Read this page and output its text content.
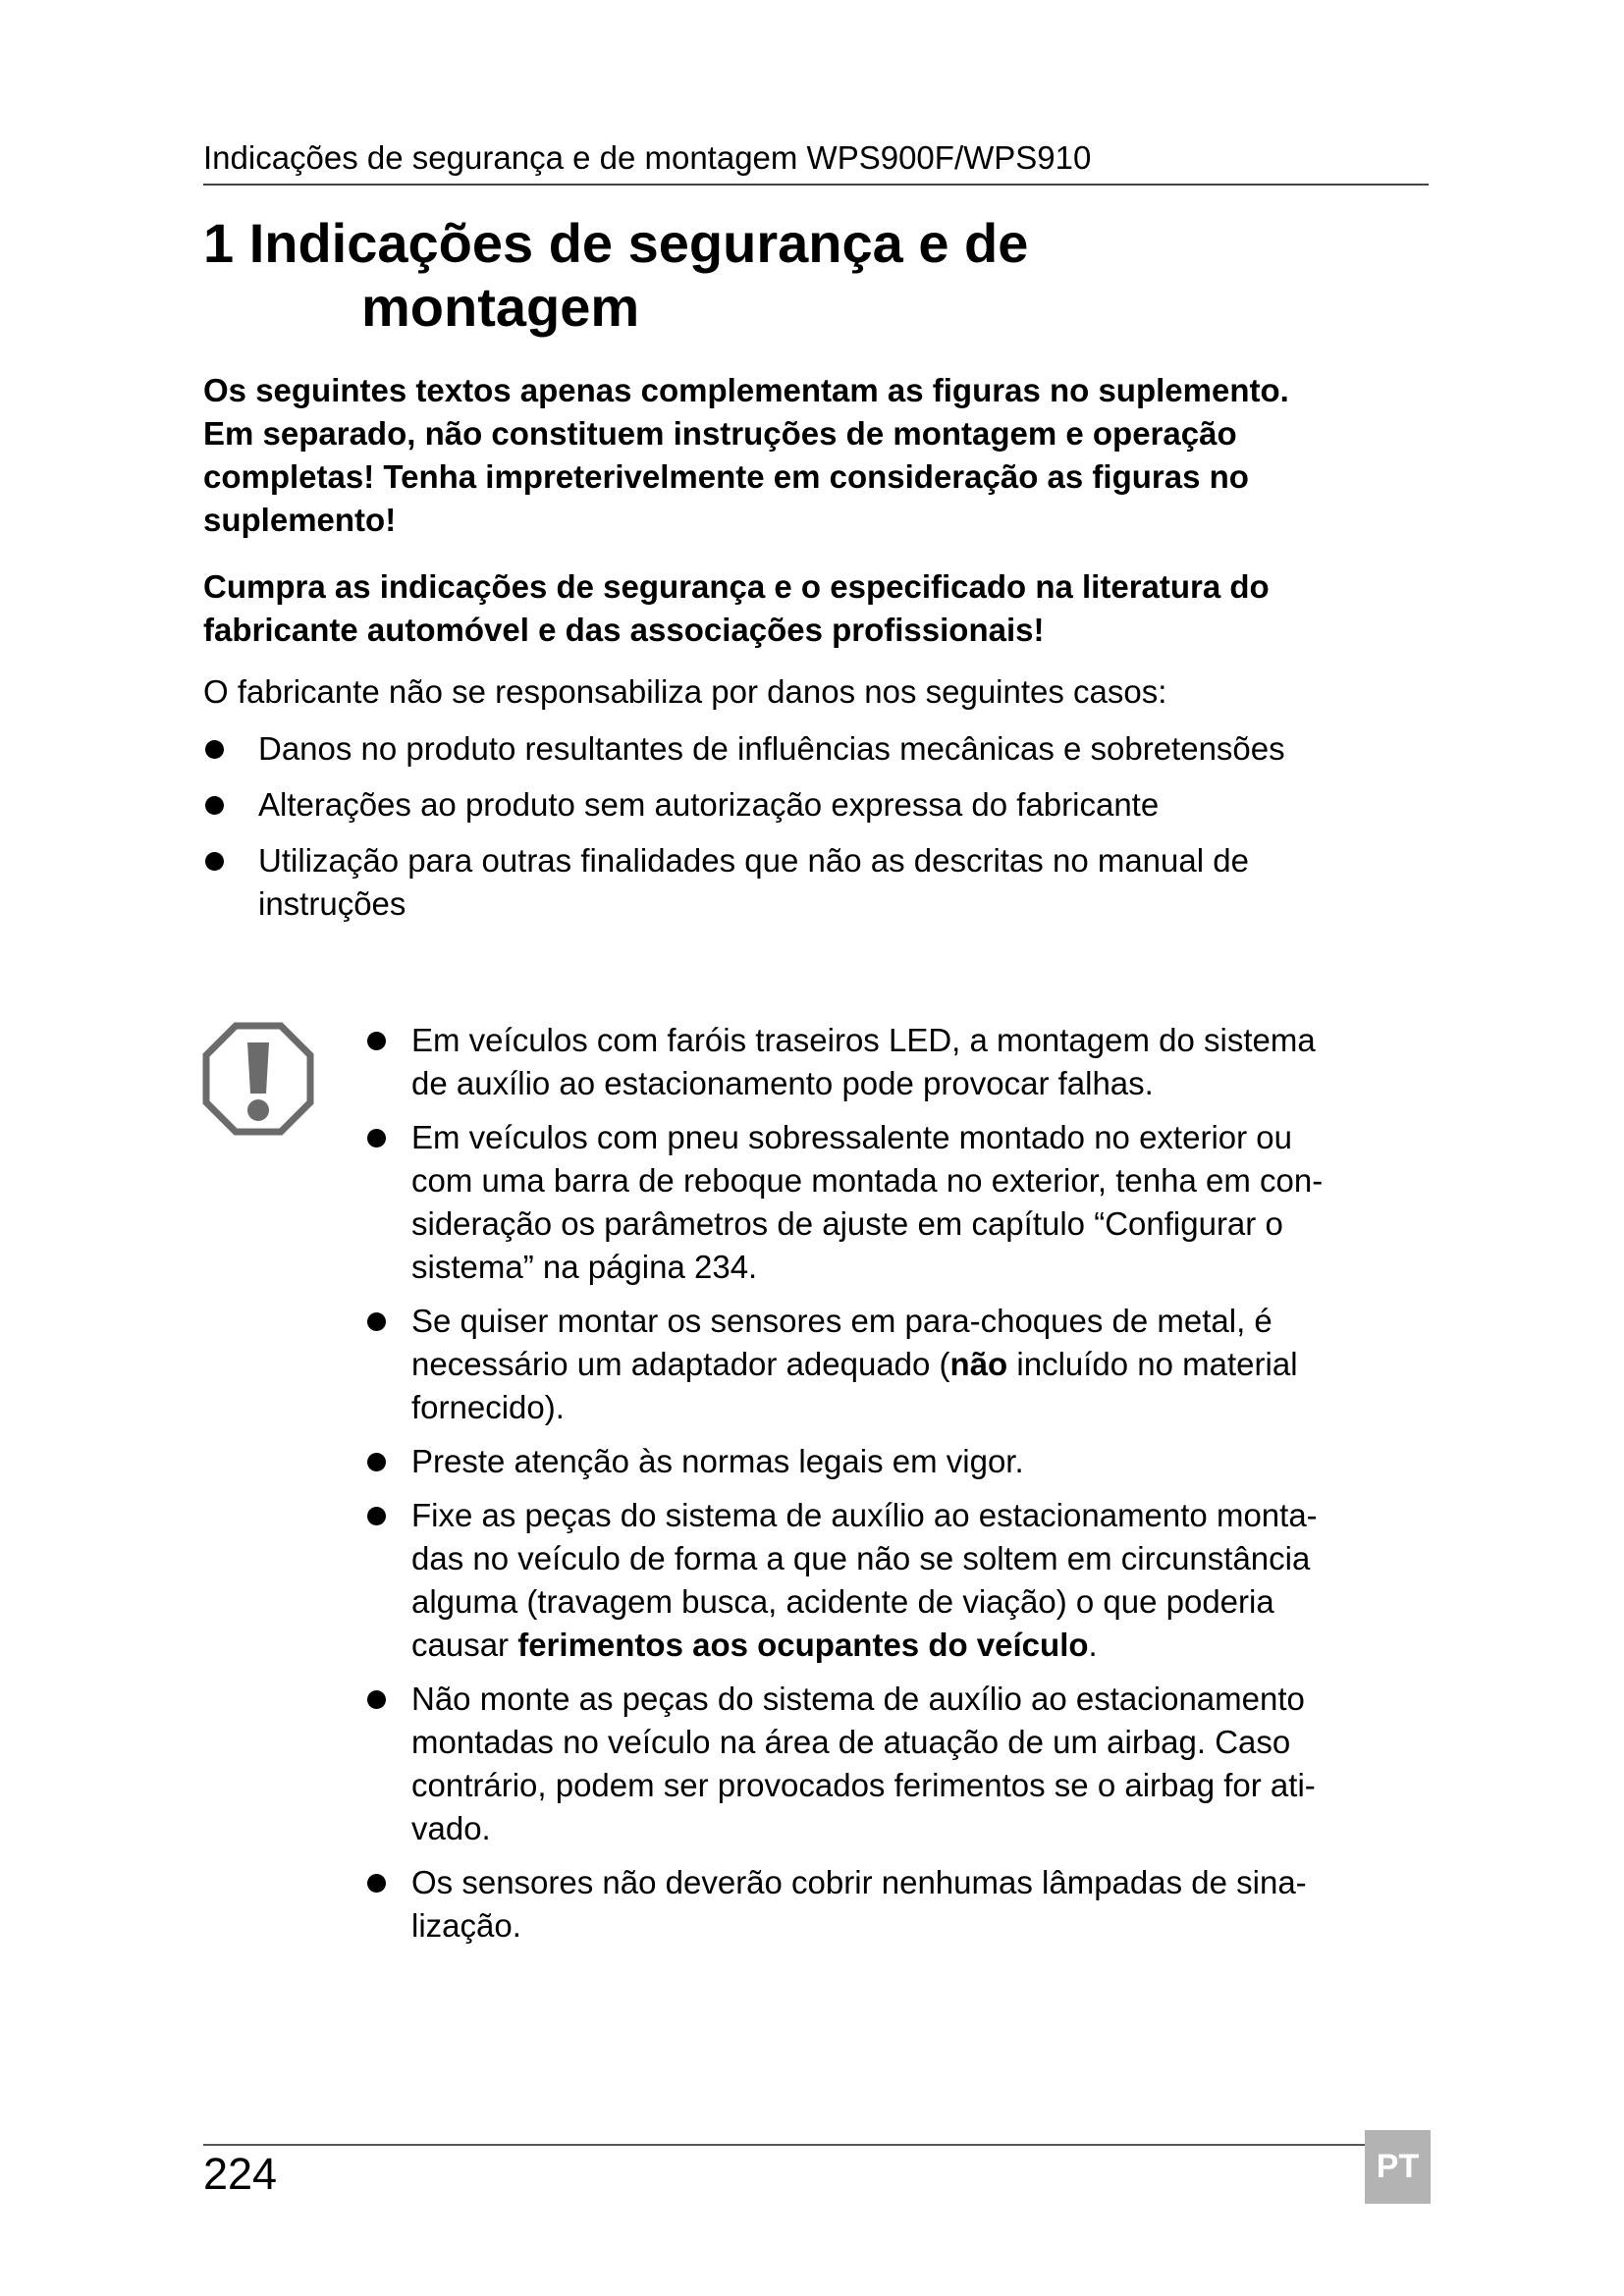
Indicações de segurança e de montagem WPS900F/WPS910
1 Indicações de segurança e de
montagem
Os seguintes textos apenas complementam as figuras no suplemento.
Em separado, não constituem instruções de montagem e operação
completas! Tenha impreterivelmente em consideração as figuras no
suplemento!
Cumpra as indicações de segurança e o especificado na literatura do
fabricante automóvel e das associações profissionais!
O fabricante não se responsabiliza por danos nos seguintes casos:
Danos no produto resultantes de influências mecânicas e sobretensões
Alterações ao produto sem autorização expressa do fabricante
Utilização para outras finalidades que não as descritas no manual de
instruções
Em veículos com faróis traseiros LED, a montagem do sistema
de auxílio ao estacionamento pode provocar falhas.
Em veículos com pneu sobressalente montado no exterior ou
com uma barra de reboque montada no exterior, tenha em con-
sideração os parâmetros de ajuste em capítulo “Configurar o
sistema” na página 234.
Se quiser montar os sensores em para-choques de metal, é
necessário um adaptador adequado (não incluído no material
fornecido).
Preste atenção às normas legais em vigor.
Fixe as peças do sistema de auxílio ao estacionamento monta-
das no veículo de forma a que não se soltem em circunstância
alguma (travagem busca, acidente de viação) o que poderia
causar ferimentos aos ocupantes do veículo.
Não monte as peças do sistema de auxílio ao estacionamento
montadas no veículo na área de atuação de um airbag. Caso
contrário, podem ser provocados ferimentos se o airbag for ati-
vado.
Os sensores não deverão cobrir nenhumas lâmpadas de sina-
lização.
224	PT
